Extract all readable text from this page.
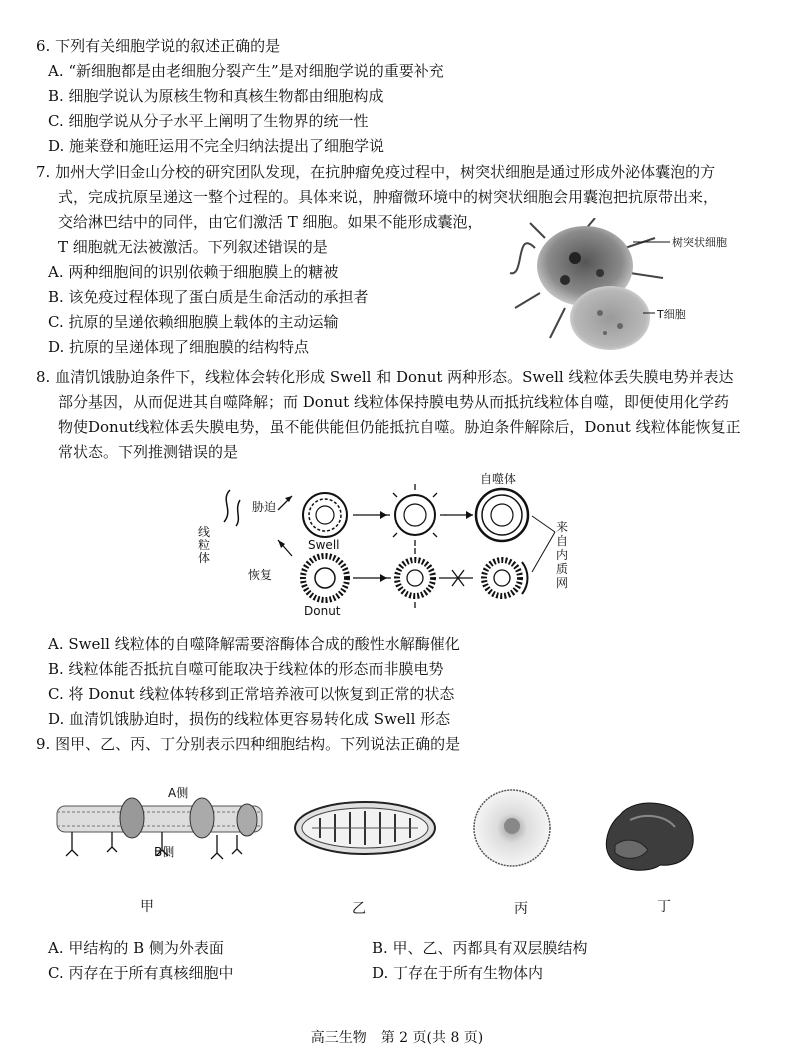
6. 下列有关细胞学说的叙述正确的是
A. “新细胞都是由老细胞分裂产生”是对细胞学说的重要补充
B. 细胞学说认为原核生物和真核生物都由细胞构成
C. 细胞学说从分子水平上阐明了生物界的统一性
D. 施莱登和施旺运用不完全归纳法提出了细胞学说
7. 加州大学旧金山分校的研究团队发现，在抗肿瘤免疫过程中，树突状细胞是通过形成外泌体囊泡的方
式，完成抗原呈递这一整个过程的。具体来说，肿瘤微环境中的树突状细胞会用囊泡把抗原带出来，
交给淋巴结中的同伴，由它们激活 T 细胞。如果不能形成囊泡，
T 细胞就无法被激活。下列叙述错误的是
A. 两种细胞间的识别依赖于细胞膜上的糖被
B. 该免疫过程体现了蛋白质是生命活动的承担者
C. 抗原的呈递依赖细胞膜上载体的主动运输
D. 抗原的呈递体现了细胞膜的结构特点
树突状细胞
T细胞
8. 血清饥饿胁迫条件下，线粒体会转化形成 Swell 和 Donut 两种形态。Swell 线粒体丢失膜电势并表达
部分基因，从而促进其自噬降解；而 Donut 线粒体保持膜电势从而抵抗线粒体自噬，即便使用化学药
物使Donut线粒体丢失膜电势，虽不能供能但仍能抵抗自噬。胁迫条件解除后，Donut 线粒体能恢复正
常状态。下列推测错误的是
线粒体
胁迫
恢复
Swell
Donut
自噬体
来自内质网
A. Swell 线粒体的自噬降解需要溶酶体合成的酸性水解酶催化
B. 线粒体能否抵抗自噬可能取决于线粒体的形态而非膜电势
C. 将 Donut 线粒体转移到正常培养液可以恢复到正常的状态
D. 血清饥饿胁迫时，损伤的线粒体更容易转化成 Swell 形态
9. 图甲、乙、丙、丁分别表示四种细胞结构。下列说法正确的是
A侧
B侧
甲	乙	丙	丁
A. 甲结构的 B 侧为外表面	B. 甲、乙、丙都具有双层膜结构
C. 丙存在于所有真核细胞中	D. 丁存在于所有生物体内
高三生物　第 2 页(共 8 页)
